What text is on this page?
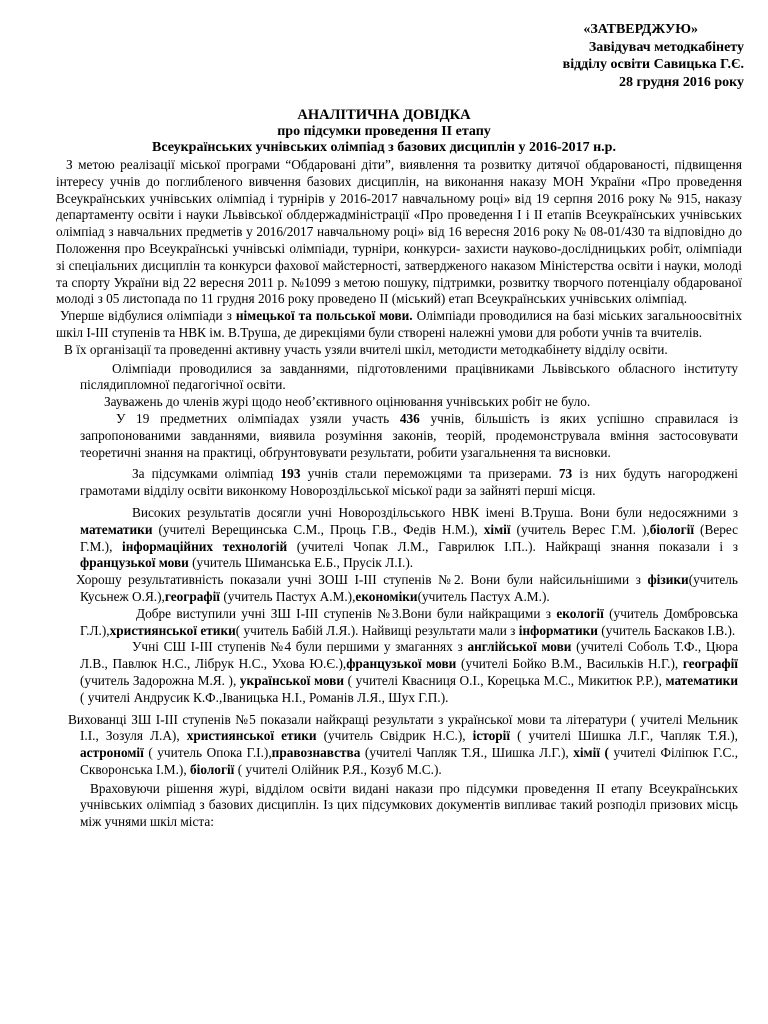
«ЗАТВЕРДЖУЮ»
Завідувач методкабінету
відділу освіти Савицька Г.Є.
28 грудня 2016 року
АНАЛІТИЧНА ДОВІДКА
про підсумки проведення ІІ етапу
Всеукраїнських учнівських олімпіад з базових дисциплін у 2016-2017 н.р.

З метою реалізації міської програми “Обдаровані діти”, виявлення та розвитку дитячої обдарованості, підвищення інтересу учнів до поглибленого вивчення базових дисциплін, на виконання наказу МОН України «Про проведення Всеукраїнських учнівських олімпіад і турнірів у 2016-2017 навчальному році» від 19 серпня 2016 року № 915, наказу департаменту освіти і науки Львівської облдержадміністрації «Про проведення І і ІІ етапів Всеукраїнських учнівських олімпіад з навчальних предметів у 2016/2017 навчальному році» від 16 вересня 2016 року № 08-01/430 та відповідно до Положення про Всеукраїнські учнівські олімпіади, турніри, конкурси- захисти науково-дослідницьких робіт, олімпіади зі спеціальних дисциплін та конкурси фахової майстерності, затвердженого наказом Міністерства освіти і науки, молоді та спорту України від 22 вересня 2011 р. №1099 з метою пошуку, підтримки, розвитку творчого потенціалу обдарованої молоді з 05 листопада по 11 грудня 2016 року проведено ІІ (міський) етап Всеукраїнських учнівських олімпіад.

Уперше відбулися олімпіади з німецької та польської мови. Олімпіади проводилися на базі міських загальноосвітніх шкіл І-ІІІ ступенів та НВК ім. В.Труша, де дирекціями були створені належні умови для роботи учнів та вчителів.

В їх організації та проведенні активну участь узяли вчителі шкіл, методисти методкабінету відділу освіти.

Олімпіади проводилися за завданнями, підготовленими працівниками Львівського обласного інституту післядипломної педагогічної освіти.

Зауважень до членів журі щодо необ’єктивного оцінювання учнівських робіт не було.

У 19 предметних олімпіадах узяли участь 436 учнів, більшість із яких успішно справилася із запропонованими завданнями, виявила розуміння законів, теорій, продемонструвала вміння застосовувати теоретичні знання на практиці, обґрунтовувати результати, робити узагальнення та висновки.

За підсумками олімпіад 193 учнів стали переможцями та призерами. 73 із них будуть нагороджені грамотами відділу освіти виконкому Новороздільської міської ради за зайняті перші місця.

Високих результатів досягли учні Новороздільського НВК імені В.Труша. Вони були недосяжними з математики (учителі Верещинська С.М., Проць Г.В., Федів Н.М.), хімії (учитель Верес Г.М. ),біології (Верес Г.М.), інформаційних технологій (учителі Чопак Л.М., Гаврилюк І.П..). Найкращі знання показали і з французької мови (учитель Шиманська Е.Б., Прусік Л.І.).

Хорошу результативність показали учні ЗОШ І-ІІІ ступенів №2. Вони були найсильнішими з фізики(учитель Кусьнеж О.Я.),географії (учитель Пастух А.М.),економіки(учитель Пастух А.М.).

Добре виступили учні ЗШ І-ІІІ ступенів №3.Вони були найкращими з екології (учитель Домбровська Г.Л.),християнської етики( учитель Бабій Л.Я.). Найвищі результати мали з інформатики (учитель Баскаков І.В.).

Учні СШ І-ІІІ ступенів №4 були першими у змаганнях з англійської мови (учителі Соболь Т.Ф., Цюра Л.В., Павлюк Н.С., Лібрук Н.С., Ухова Ю.Є.),французької мови (учителі Бойко В.М., Васильків Н.Г.), географії (учитель Задорожна М.Я. ), української мови ( учителі Квасниця О.І., Корецька М.С., Микитюк Р.Р.), математики ( учителі Андрусик К.Ф.,Іваницька Н.І., Романів Л.Я., Шух Г.П.).

Вихованці ЗШ І-ІІІ ступенів №5 показали найкращі результати з української мови та літератури ( учителі Мельник І.І., Зозуля Л.А), християнської етики (учитель Свідрик Н.С.), історії ( учителі Шишка Л.Г., Чапляк Т.Я.), астрономії ( учитель Опока Г.І.),правознавства (учителі Чапляк Т.Я., Шишка Л.Г.), хімії ( учителі Філіпюк Г.С., Скворонська І.М.), біології ( учителі Олійник Р.Я., Козуб М.С.).

Враховуючи рішення журі, відділом освіти видані накази про підсумки проведення ІІ етапу Всеукраїнських учнівських олімпіад з базових дисциплін. Із цих підсумкових документів випливає такий розподіл призових місць між учнями шкіл міста:
